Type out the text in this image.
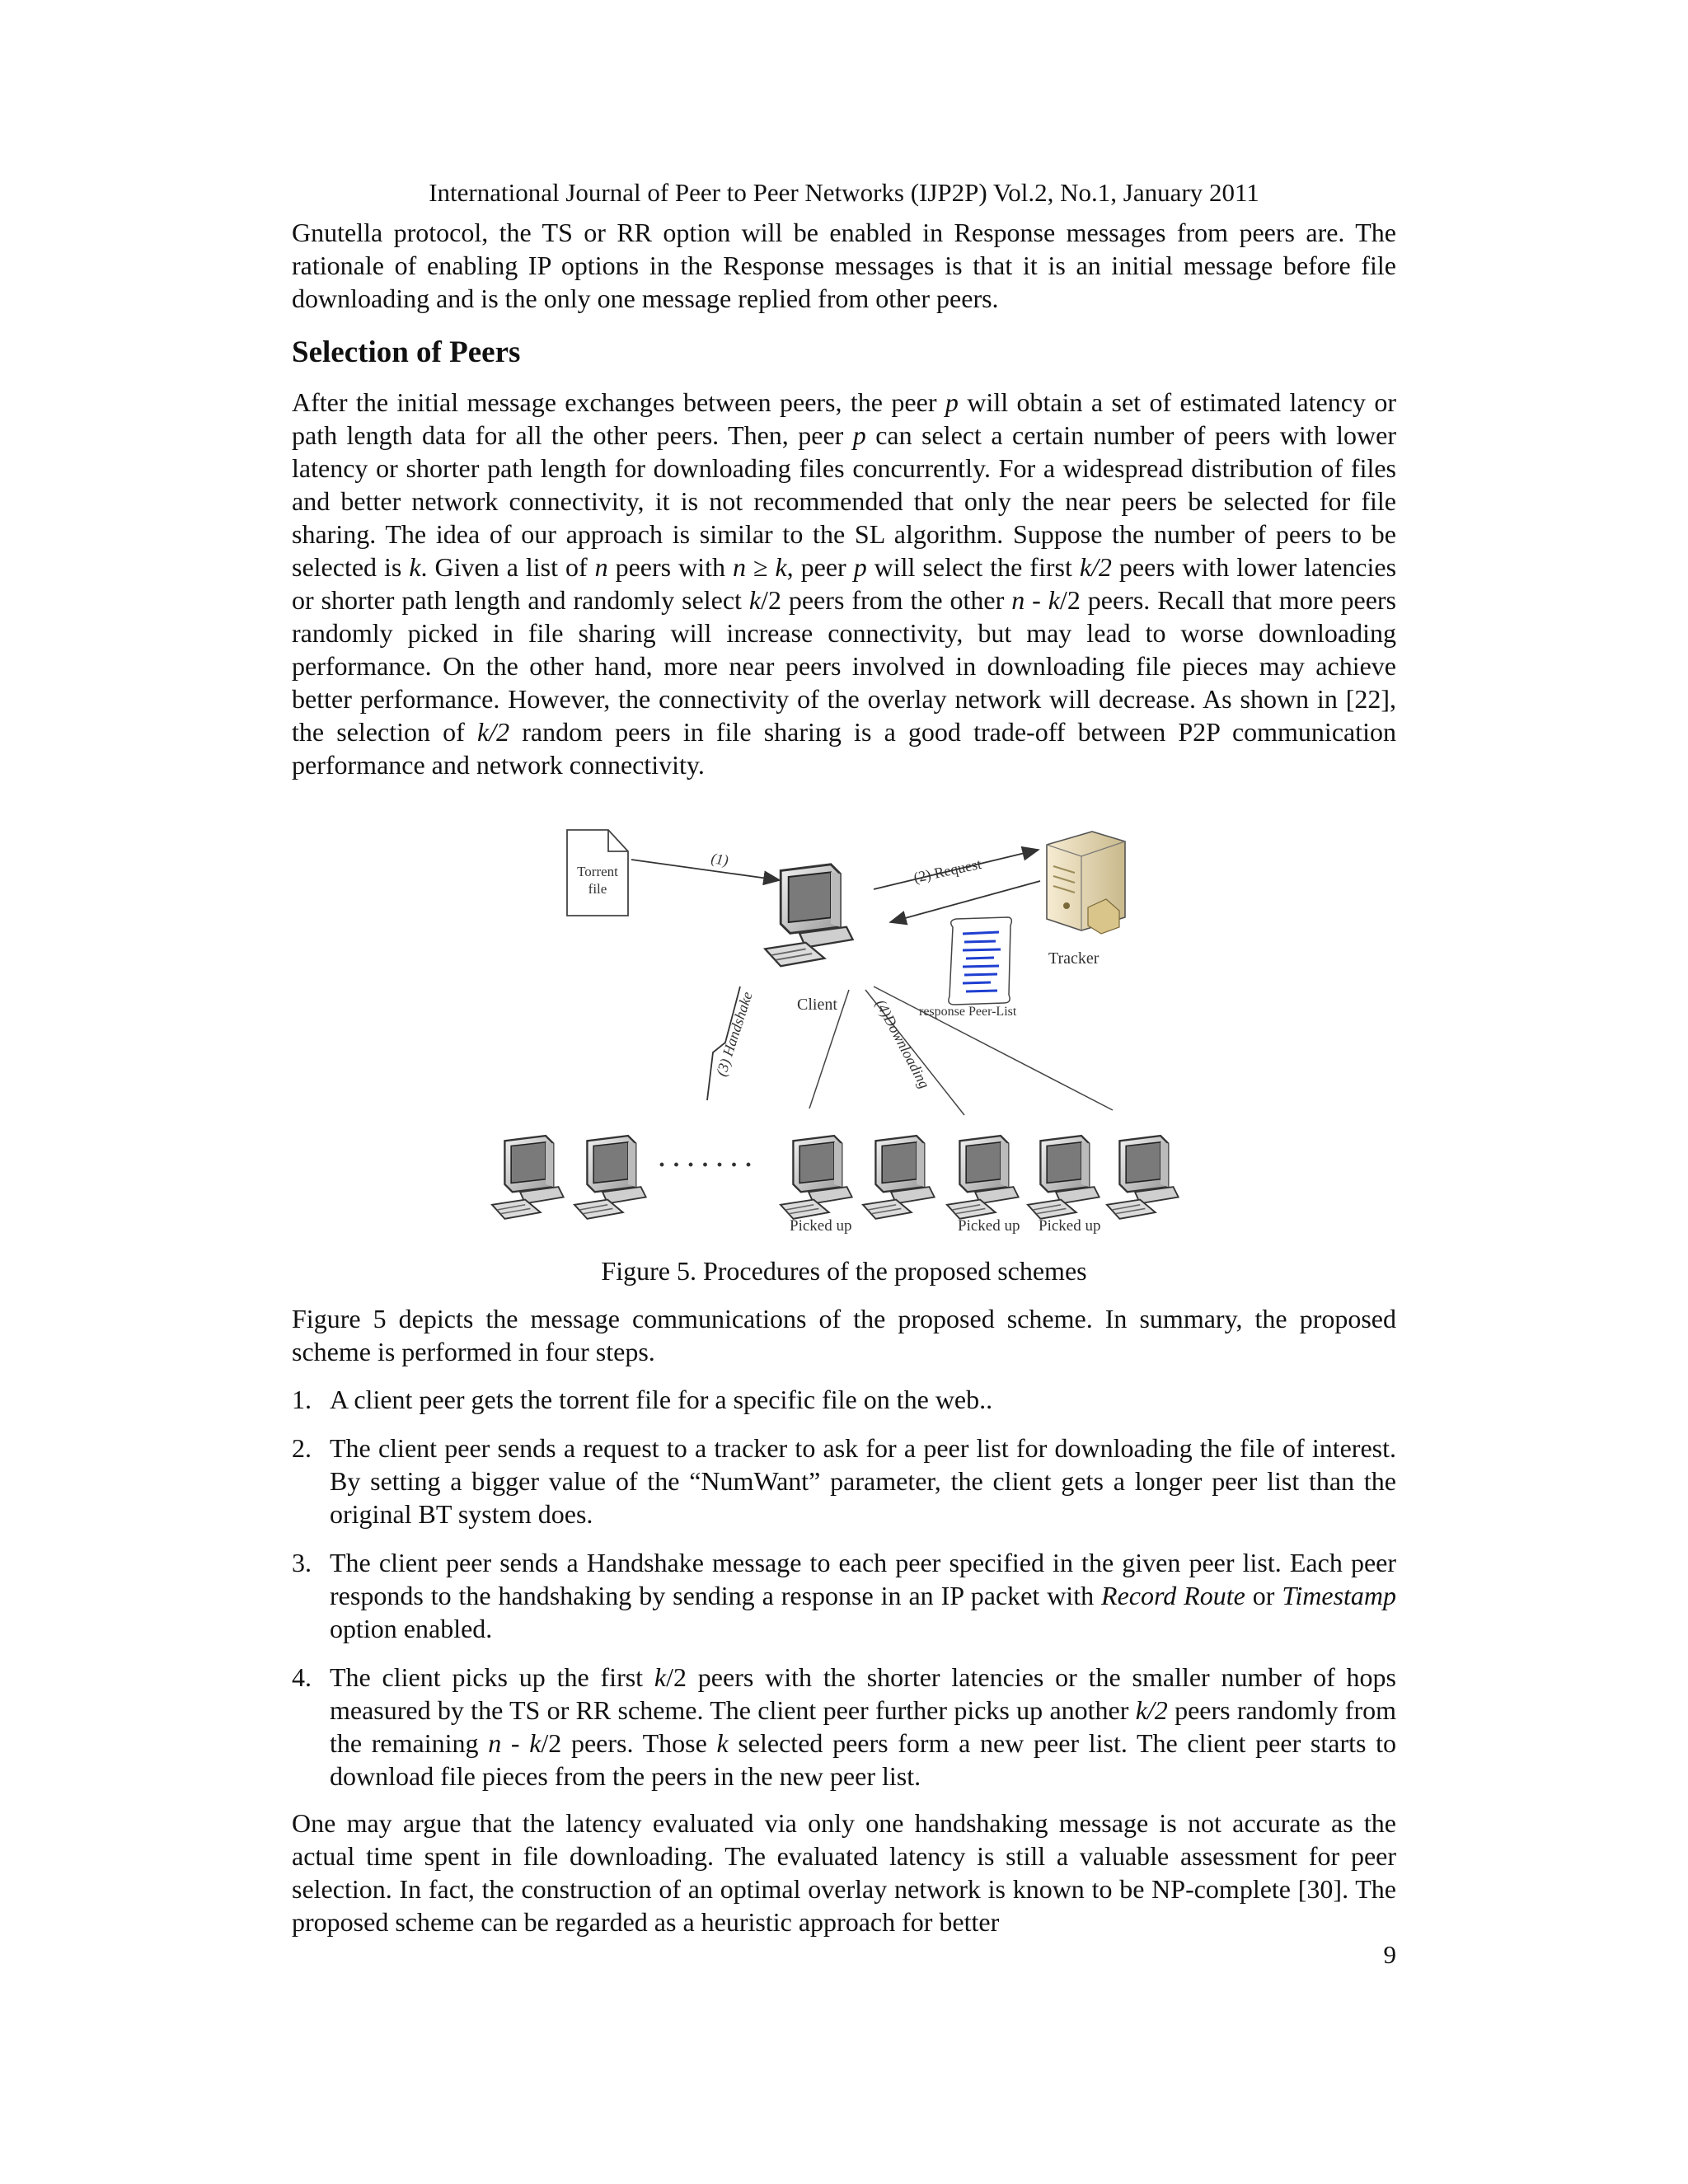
International Journal of Peer to Peer Networks (IJP2P) Vol.2, No.1, January 2011

Gnutella protocol, the TS or RR option will be enabled in Response messages from peers are. The rationale of enabling IP options in the Response messages is that it is an initial message before file downloading and is the only one message replied from other peers.

Selection of Peers

After the initial message exchanges between peers, the peer p will obtain a set of estimated latency or path length data for all the other peers. Then, peer p can select a certain number of peers with lower latency or shorter path length for downloading files concurrently. For a widespread distribution of files and better network connectivity, it is not recommended that only the near peers be selected for file sharing. The idea of our approach is similar to the SL algorithm. Suppose the number of peers to be selected is k. Given a list of n peers with n ≥ k, peer p will select the first k/2 peers with lower latencies or shorter path length and randomly select k/2 peers from the other n - k/2 peers. Recall that more peers randomly picked in file sharing will increase connectivity, but may lead to worse downloading performance. On the other hand, more near peers involved in downloading file pieces may achieve better performance. However, the connectivity of the overlay network will decrease. As shown in [22], the selection of k/2 random peers in file sharing is a good trade-off between P2P communication performance and network connectivity.

Torrent
file
(1)
Client
Tracker
(2) Request
response Peer-List
(3) Handshake	(4)Downloading
· · · · · · ·
Picked up	Picked up Picked up
Figure 5. Procedures of the proposed schemes

Figure 5 depicts the message communications of the proposed scheme. In summary, the proposed scheme is performed in four steps.

1. A client peer gets the torrent file for a specific file on the web..
2. The client peer sends a request to a tracker to ask for a peer list for downloading the file of interest. By setting a bigger value of the “NumWant” parameter, the client gets a longer peer list than the original BT system does.
3. The client peer sends a Handshake message to each peer specified in the given peer list. Each peer responds to the handshaking by sending a response in an IP packet with Record Route or Timestamp option enabled.
4. The client picks up the first k/2 peers with the shorter latencies or the smaller number of hops measured by the TS or RR scheme. The client peer further picks up another k/2 peers randomly from the remaining n - k/2 peers. Those k selected peers form a new peer list. The client peer starts to download file pieces from the peers in the new peer list.

One may argue that the latency evaluated via only one handshaking message is not accurate as the actual time spent in file downloading. The evaluated latency is still a valuable assessment for peer selection. In fact, the construction of an optimal overlay network is known to be NP-complete [30]. The proposed scheme can be regarded as a heuristic approach for better

9
